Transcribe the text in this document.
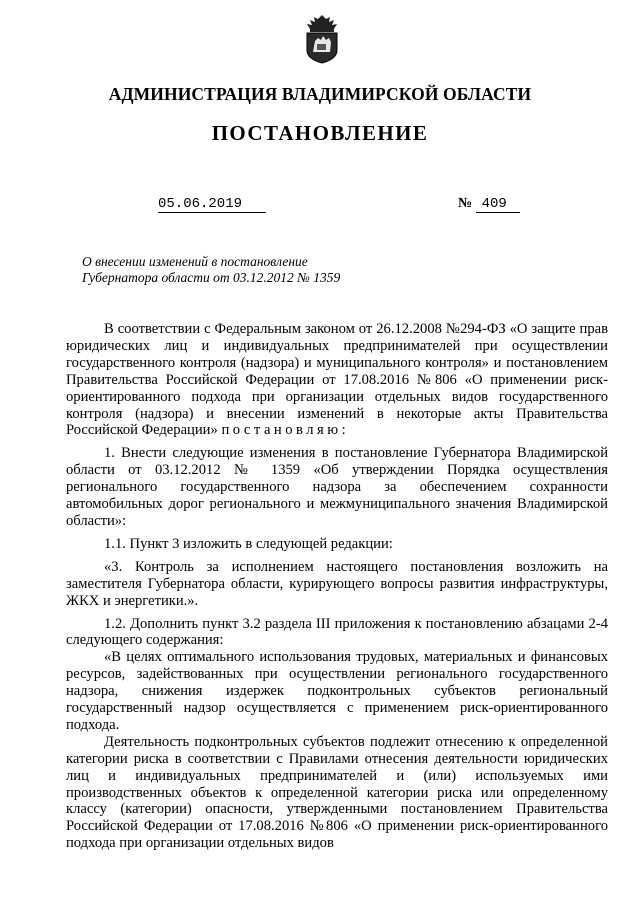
АДМИНИСТРАЦИЯ ВЛАДИМИРСКОЙ ОБЛАСТИ
ПОСТАНОВЛЕНИЕ
05.06.2019	№ 409
О внесении изменений в постановление
Губернатора области от 03.12.2012 № 1359

В соответствии с Федеральным законом от 26.12.2008 №294-ФЗ «О защите прав юридических лиц и индивидуальных предпринимателей при осуществлении государственного контроля (надзора) и муниципального контроля» и постановлением Правительства Российской Федерации от 17.08.2016 №806 «О применении риск-ориентированного подхода при организации отдельных видов государственного контроля (надзора) и внесении изменений в некоторые акты Правительства Российской Федерации» постановляю:

1. Внести следующие изменения в постановление Губернатора Владимирской области от 03.12.2012 № 1359 «Об утверждении Порядка осуществления регионального государственного надзора за обеспечением сохранности автомобильных дорог регионального и межмуниципального значения Владимирской области»:

1.1. Пункт 3 изложить в следующей редакции:

«3. Контроль за исполнением настоящего постановления возложить на заместителя Губернатора области, курирующего вопросы развития инфраструктуры, ЖКХ и энергетики.».

1.2. Дополнить пункт 3.2 раздела III приложения к постановлению абзацами 2-4 следующего содержания:

«В целях оптимального использования трудовых, материальных и финансовых ресурсов, задействованных при осуществлении регионального государственного надзора, снижения издержек подконтрольных субъектов региональный государственный надзор осуществляется с применением риск-ориентированного подхода.

Деятельность подконтрольных субъектов подлежит отнесению к определенной категории риска в соответствии с Правилами отнесения деятельности юридических лиц и индивидуальных предпринимателей и (или) используемых ими производственных объектов к определенной категории риска или определенному классу (категории) опасности, утвержденными постановлением Правительства Российской Федерации от 17.08.2016 №806 «О применении риск-ориентированного подхода при организации отдельных видов
